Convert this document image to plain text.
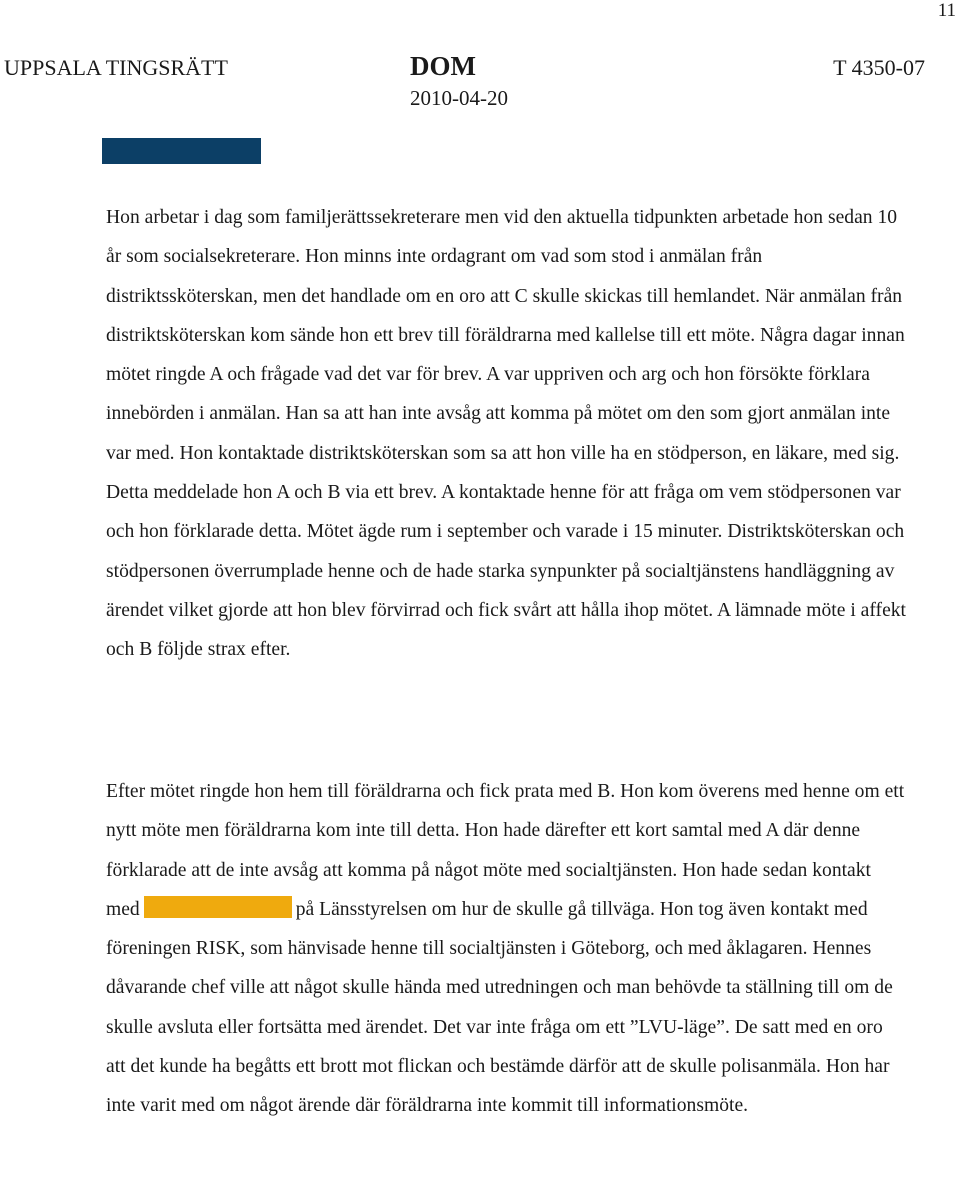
11
UPPSALA TINGSRÄTT	DOM	T 4350-07
2010-04-20

Hon arbetar i dag som familjerättssekreterare men vid den aktuella tidpunkten arbetade hon sedan 10 år som socialsekreterare. Hon minns inte ordagrant om vad som stod i anmälan från distriktssköterskan, men det handlade om en oro att C skulle skickas till hemlandet. När anmälan från distriktsköterskan kom sände hon ett brev till föräldrarna med kallelse till ett möte. Några dagar innan mötet ringde A och frågade vad det var för brev. A var uppriven och arg och hon försökte förklara innebörden i anmälan. Han sa att han inte avsåg att komma på mötet om den som gjort anmälan inte var med. Hon kontaktade distriktsköterskan som sa att hon ville ha en stödperson, en läkare, med sig. Detta meddelade hon A och B via ett brev. A kontaktade henne för att fråga om vem stödpersonen var och hon förklarade detta. Mötet ägde rum i september och varade i 15 minuter. Distriktsköterskan och stödpersonen överrumplade henne och de hade starka synpunkter på socialtjänstens handläggning av ärendet vilket gjorde att hon blev förvirrad och fick svårt att hålla ihop mötet. A lämnade möte i affekt och B följde strax efter.

Efter mötet ringde hon hem till föräldrarna och fick prata med B. Hon kom överens med henne om ett nytt möte men föräldrarna kom inte till detta. Hon hade därefter ett kort samtal med A där denne förklarade att de inte avsåg att komma på något möte med socialtjänsten. Hon hade sedan kontakt med	på Länsstyrelsen om hur de skulle gå tillväga. Hon tog även kontakt med föreningen RISK, som hänvisade henne till socialtjänsten i Göteborg, och med åklagaren. Hennes dåvarande chef ville att något skulle hända med utredningen och man behövde ta ställning till om de skulle avsluta eller fortsätta med ärendet. Det var inte fråga om ett ”LVU-läge”. De satt med en oro att det kunde ha begåtts ett brott mot flickan och bestämde därför att de skulle polisanmäla. Hon har inte varit med om något ärende där föräldrarna inte kommit till informationsmöte.
